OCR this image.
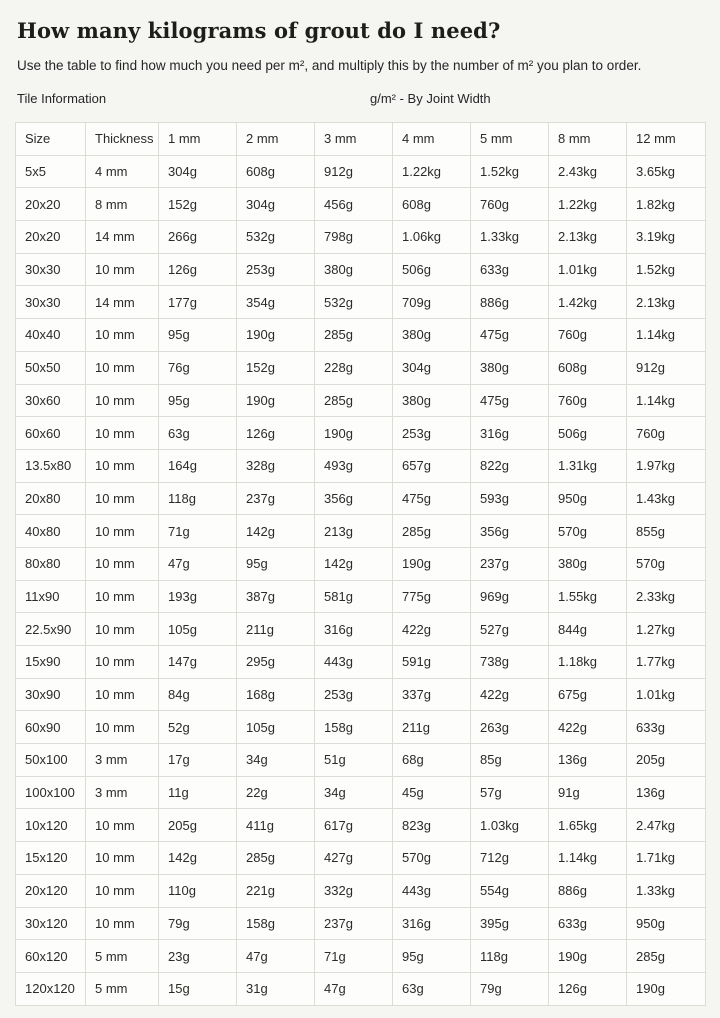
How many kilograms of grout do I need?

Use the table to find how much you need per m², and multiply this by the number of m² you plan to order.

Tile Information	g/m² - By Joint Width
Size	Thickness	1 mm	2 mm	3 mm	4 mm	5 mm	8 mm	12 mm
5x5	4 mm	304g	608g	912g	1.22kg	1.52kg	2.43kg	3.65kg
20x20	8 mm	152g	304g	456g	608g	760g	1.22kg	1.82kg
20x20	14 mm	266g	532g	798g	1.06kg	1.33kg	2.13kg	3.19kg
30x30	10 mm	126g	253g	380g	506g	633g	1.01kg	1.52kg
30x30	14 mm	177g	354g	532g	709g	886g	1.42kg	2.13kg
40x40	10 mm	95g	190g	285g	380g	475g	760g	1.14kg
50x50	10 mm	76g	152g	228g	304g	380g	608g	912g
30x60	10 mm	95g	190g	285g	380g	475g	760g	1.14kg
60x60	10 mm	63g	126g	190g	253g	316g	506g	760g
13.5x80	10 mm	164g	328g	493g	657g	822g	1.31kg	1.97kg
20x80	10 mm	118g	237g	356g	475g	593g	950g	1.43kg
40x80	10 mm	71g	142g	213g	285g	356g	570g	855g
80x80	10 mm	47g	95g	142g	190g	237g	380g	570g
11x90	10 mm	193g	387g	581g	775g	969g	1.55kg	2.33kg
22.5x90	10 mm	105g	211g	316g	422g	527g	844g	1.27kg
15x90	10 mm	147g	295g	443g	591g	738g	1.18kg	1.77kg
30x90	10 mm	84g	168g	253g	337g	422g	675g	1.01kg
60x90	10 mm	52g	105g	158g	211g	263g	422g	633g
50x100	3 mm	17g	34g	51g	68g	85g	136g	205g
100x100	3 mm	11g	22g	34g	45g	57g	91g	136g
10x120	10 mm	205g	411g	617g	823g	1.03kg	1.65kg	2.47kg
15x120	10 mm	142g	285g	427g	570g	712g	1.14kg	1.71kg
20x120	10 mm	110g	221g	332g	443g	554g	886g	1.33kg
30x120	10 mm	79g	158g	237g	316g	395g	633g	950g
60x120	5 mm	23g	47g	71g	95g	118g	190g	285g
120x120	5 mm	15g	31g	47g	63g	79g	126g	190g
